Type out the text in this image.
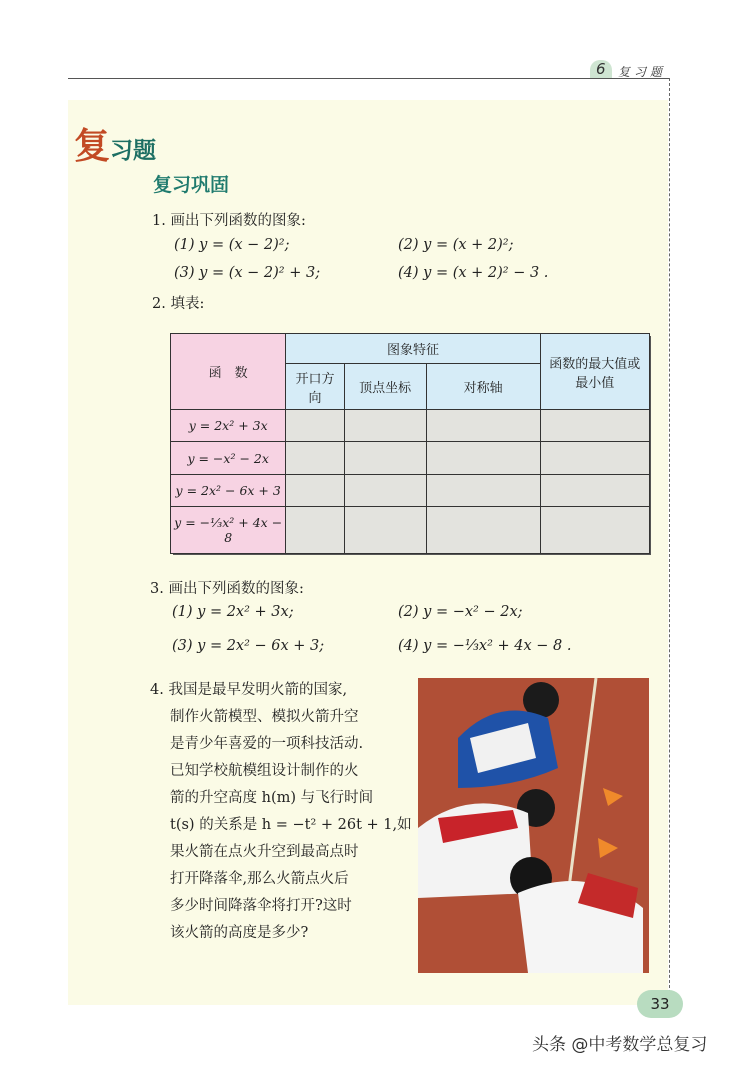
6	复习题
复习题
复习巩固
1. 画出下列函数的图象:
(1) y = (x − 2)²;	(2) y = (x + 2)²;
(3) y = (x − 2)² + 3;	(4) y = (x + 2)² − 3 .
2. 填表:
函　数	图象特征			函数的最大值或最小值
	开口方向	顶点坐标	对称轴	
y = 2x² + 3x				
y = −x² − 2x				
y = 2x² − 6x + 3				
y = −⅓x² + 4x − 8				
3. 画出下列函数的图象:
(1) y = 2x² + 3x;	(2) y = −x² − 2x;
(3) y = 2x² − 6x + 3;	(4) y = −⅓x² + 4x − 8 .
4. 我国是最早发明火箭的国家,
制作火箭模型、模拟火箭升空
是青少年喜爱的一项科技活动.
已知学校航模组设计制作的火
箭的升空高度 h(m) 与飞行时间
t(s) 的关系是 h = −t² + 26t + 1,如
果火箭在点火升空到最高点时
打开降落伞,那么火箭点火后
多少时间降落伞将打开?这时
该火箭的高度是多少?
33
头条 @中考数学总复习
